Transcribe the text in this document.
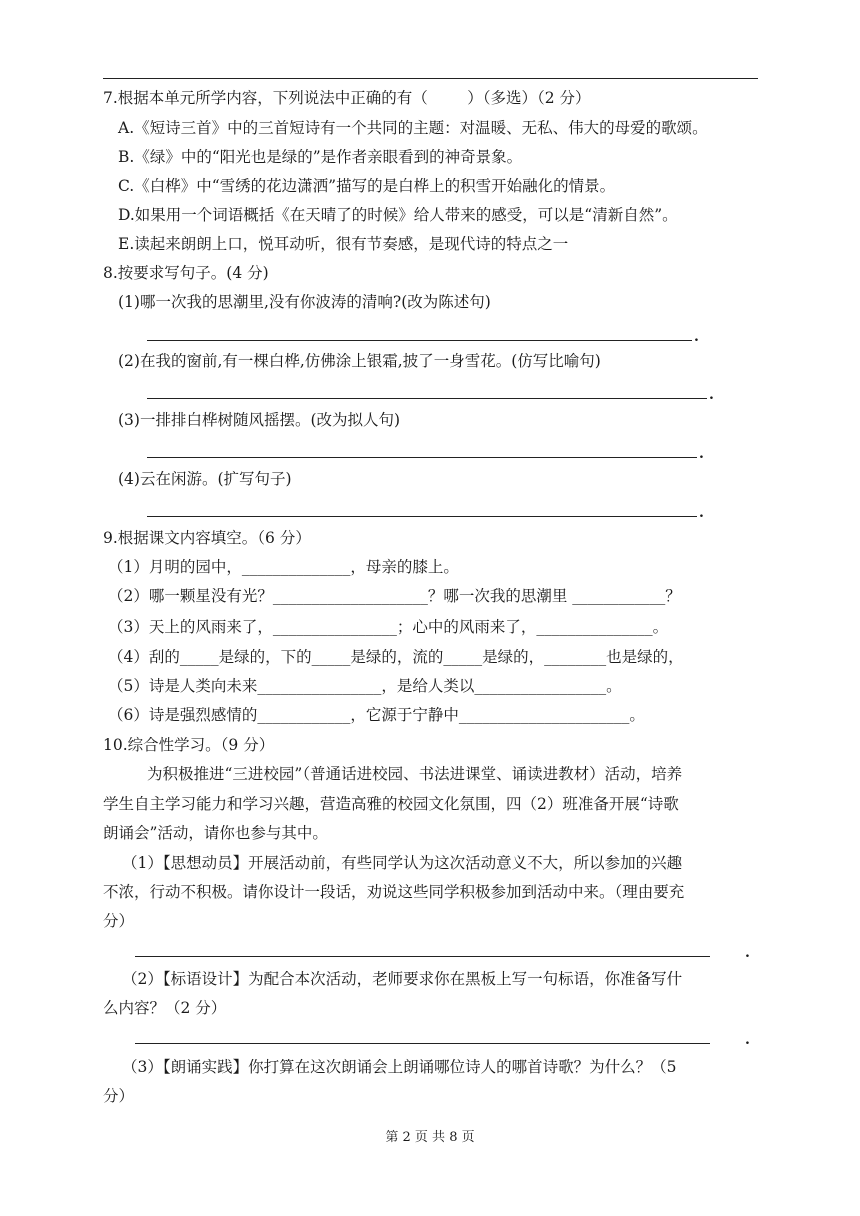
7.根据本单元所学内容，下列说法中正确的有（        ）（多选）（2 分）
A.《短诗三首》中的三首短诗有一个共同的主题：对温暖、无私、伟大的母爱的歌颂。
B.《绿》中的“阳光也是绿的”是作者亲眼看到的神奇景象。
C.《白桦》中“雪绣的花边潇洒”描写的是白桦上的积雪开始融化的情景。
D.如果用一个词语概括《在天晴了的时候》给人带来的感受，可以是“清新自然”。
E.读起来朗朗上口，悦耳动听，很有节奏感，是现代诗的特点之一
8.按要求写句子。(4 分)
(1)哪一次我的思潮里,没有你波涛的清响?(改为陈述句)
.
(2)在我的窗前,有一棵白桦,仿佛涂上银霜,披了一身雪花。(仿写比喻句)
.
(3)一排排白桦树随风摇摆。(改为拟人句)
.
(4)云在闲游。(扩写句子)
.
9.根据课文内容填空。（6 分）
（1）月明的园中，______________，母亲的膝上。
（2）哪一颗星没有光？____________________？哪一次我的思潮里 ____________？
（3）天上的风雨来了，________________；心中的风雨来了，_______________。
（4）刮的_____是绿的，下的_____是绿的，流的_____是绿的，________也是绿的，
（5）诗是人类向未来________________，是给人类以_________________。
（6）诗是强烈感情的____________，它源于宁静中______________________。
10.综合性学习。（9 分）
为积极推进“三进校园”（普通话进校园、书法进课堂、诵读进教材）活动，培养
学生自主学习能力和学习兴趣，营造高雅的校园文化氛围，四（2）班准备开展“诗歌
朗诵会”活动，请你也参与其中。
（1）【思想动员】开展活动前，有些同学认为这次活动意义不大，所以参加的兴趣
不浓，行动不积极。请你设计一段话，劝说这些同学积极参加到活动中来。（理由要充
分）
.
（2）【标语设计】为配合本次活动，老师要求你在黑板上写一句标语，你准备写什
么内容？（2 分）
.
（3）【朗诵实践】你打算在这次朗诵会上朗诵哪位诗人的哪首诗歌？为什么？（5
分）
第 2 页 共 8 页
